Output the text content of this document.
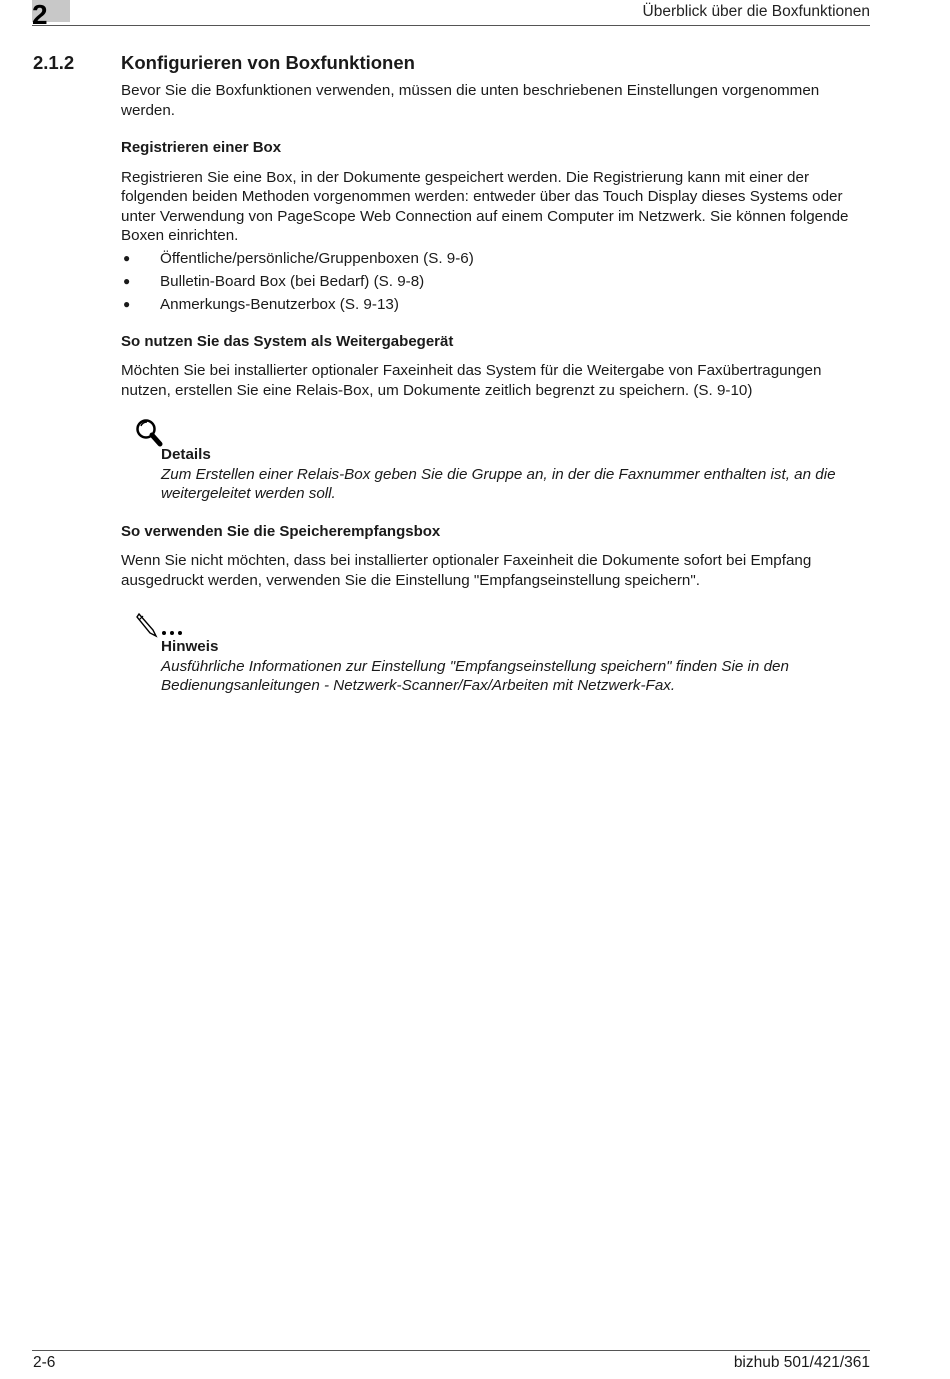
2	Überblick über die Boxfunktionen
2.1.2	Konfigurieren von Boxfunktionen

Bevor Sie die Boxfunktionen verwenden, müssen die unten beschriebenen Einstellungen vorgenommen werden.

Registrieren einer Box

Registrieren Sie eine Box, in der Dokumente gespeichert werden. Die Registrierung kann mit einer der folgenden beiden Methoden vorgenommen werden: entweder über das Touch Display dieses Systems oder unter Verwendung von PageScope Web Connection auf einem Computer im Netzwerk. Sie können folgende Boxen einrichten.

● Öffentliche/persönliche/Gruppenboxen (S. 9-6)
● Bulletin-Board Box (bei Bedarf) (S. 9-8)
● Anmerkungs-Benutzerbox (S. 9-13)

So nutzen Sie das System als Weitergabegerät

Möchten Sie bei installierter optionaler Faxeinheit das System für die Weitergabe von Faxübertragungen nutzen, erstellen Sie eine Relais-Box, um Dokumente zeitlich begrenzt zu speichern. (S. 9-10)

Details

Zum Erstellen einer Relais-Box geben Sie die Gruppe an, in der die Faxnummer enthalten ist, an die weitergeleitet werden soll.

So verwenden Sie die Speicherempfangsbox

Wenn Sie nicht möchten, dass bei installierter optionaler Faxeinheit die Dokumente sofort bei Empfang ausgedruckt werden, verwenden Sie die Einstellung "Empfangseinstellung speichern".

Hinweis

Ausführliche Informationen zur Einstellung "Empfangseinstellung speichern" finden Sie in den Bedienungsanleitungen - Netzwerk-Scanner/Fax/Arbeiten mit Netzwerk-Fax.

2-6	bizhub 501/421/361
